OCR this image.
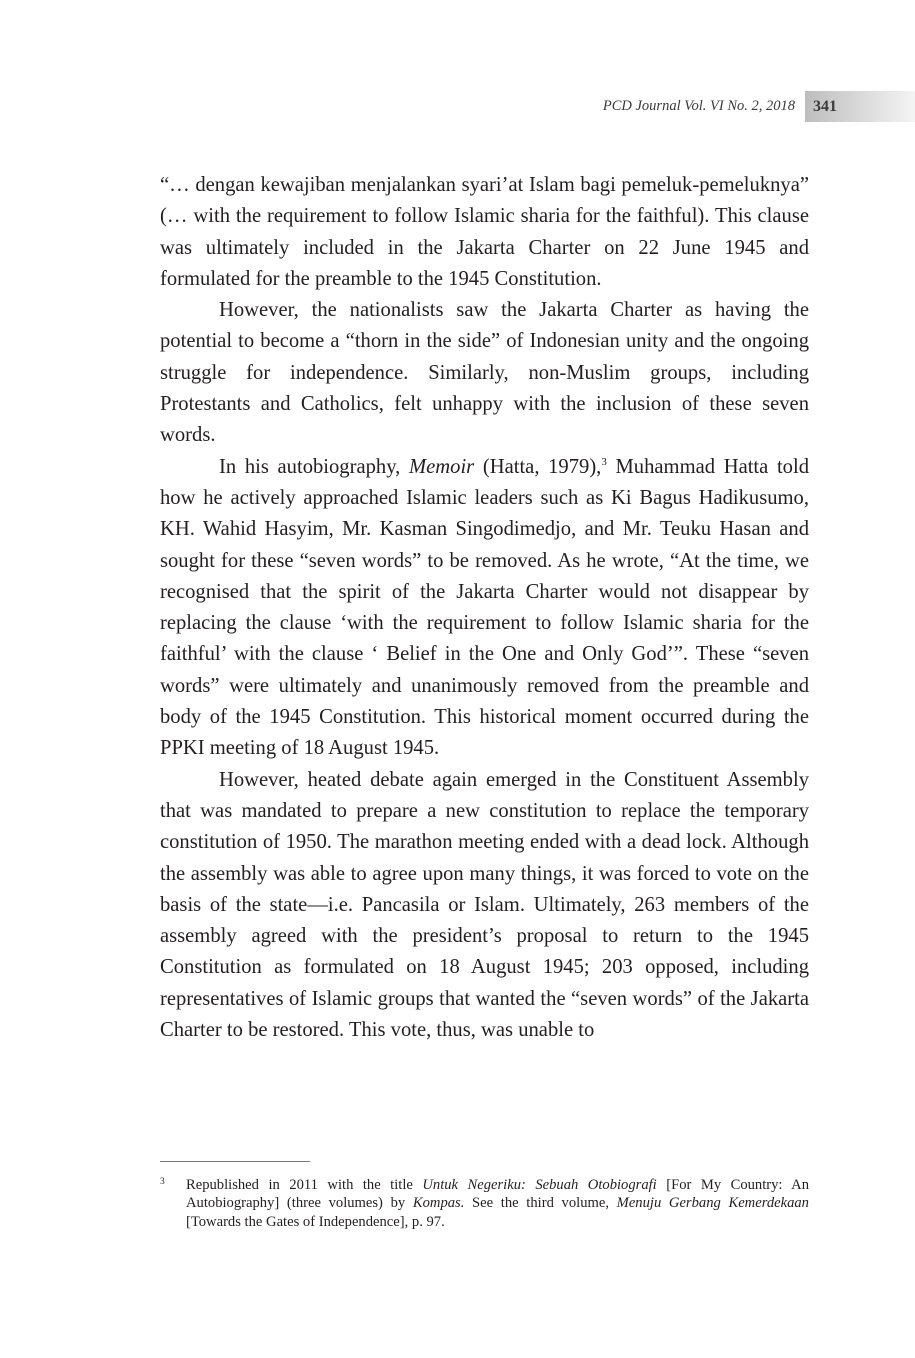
PCD Journal Vol. VI No. 2, 2018 341

“… dengan kewajiban menjalankan syari’at Islam bagi pemeluk-pemeluknya” (… with the requirement to follow Islamic sharia for the faithful). This clause was ultimately included in the Jakarta Charter on 22 June 1945 and formulated for the preamble to the 1945 Constitution.

However, the nationalists saw the Jakarta Charter as having the potential to become a “thorn in the side” of Indonesian unity and the ongoing struggle for independence. Similarly, non-Muslim groups, including Protestants and Catholics, felt unhappy with the inclusion of these seven words.

In his autobiography, Memoir (Hatta, 1979),$^3$ Muhammad Hatta told how he actively approached Islamic leaders such as Ki Bagus Hadikusumo, KH. Wahid Hasyim, Mr. Kasman Singodimedjo, and Mr. Teuku Hasan and sought for these “seven words” to be removed. As he wrote, “At the time, we recognised that the spirit of the Jakarta Charter would not disappear by replacing the clause ‘with the requirement to follow Islamic sharia for the faithful’ with the clause ‘ Belief in the One and Only God’”. These “seven words” were ultimately and unanimously removed from the preamble and body of the 1945 Constitution. This historical moment occurred during the PPKI meeting of 18 August 1945.

However, heated debate again emerged in the Constituent Assembly that was mandated to prepare a new constitution to replace the temporary constitution of 1950. The marathon meeting ended with a dead lock. Although the assembly was able to agree upon many things, it was forced to vote on the basis of the state—i.e. Pancasila or Islam. Ultimately, 263 members of the assembly agreed with the president’s proposal to return to the 1945 Constitution as formulated on 18 August 1945; 203 opposed, including representatives of Islamic groups that wanted the “seven words” of the Jakarta Charter to be restored. This vote, thus, was unable to

3 Republished in 2011 with the title Untuk Negeriku: Sebuah Otobiografi [For My Country: An Autobiography] (three volumes) by Kompas. See the third volume, Menuju Gerbang Kemerdekaan [Towards the Gates of Independence], p. 97.
